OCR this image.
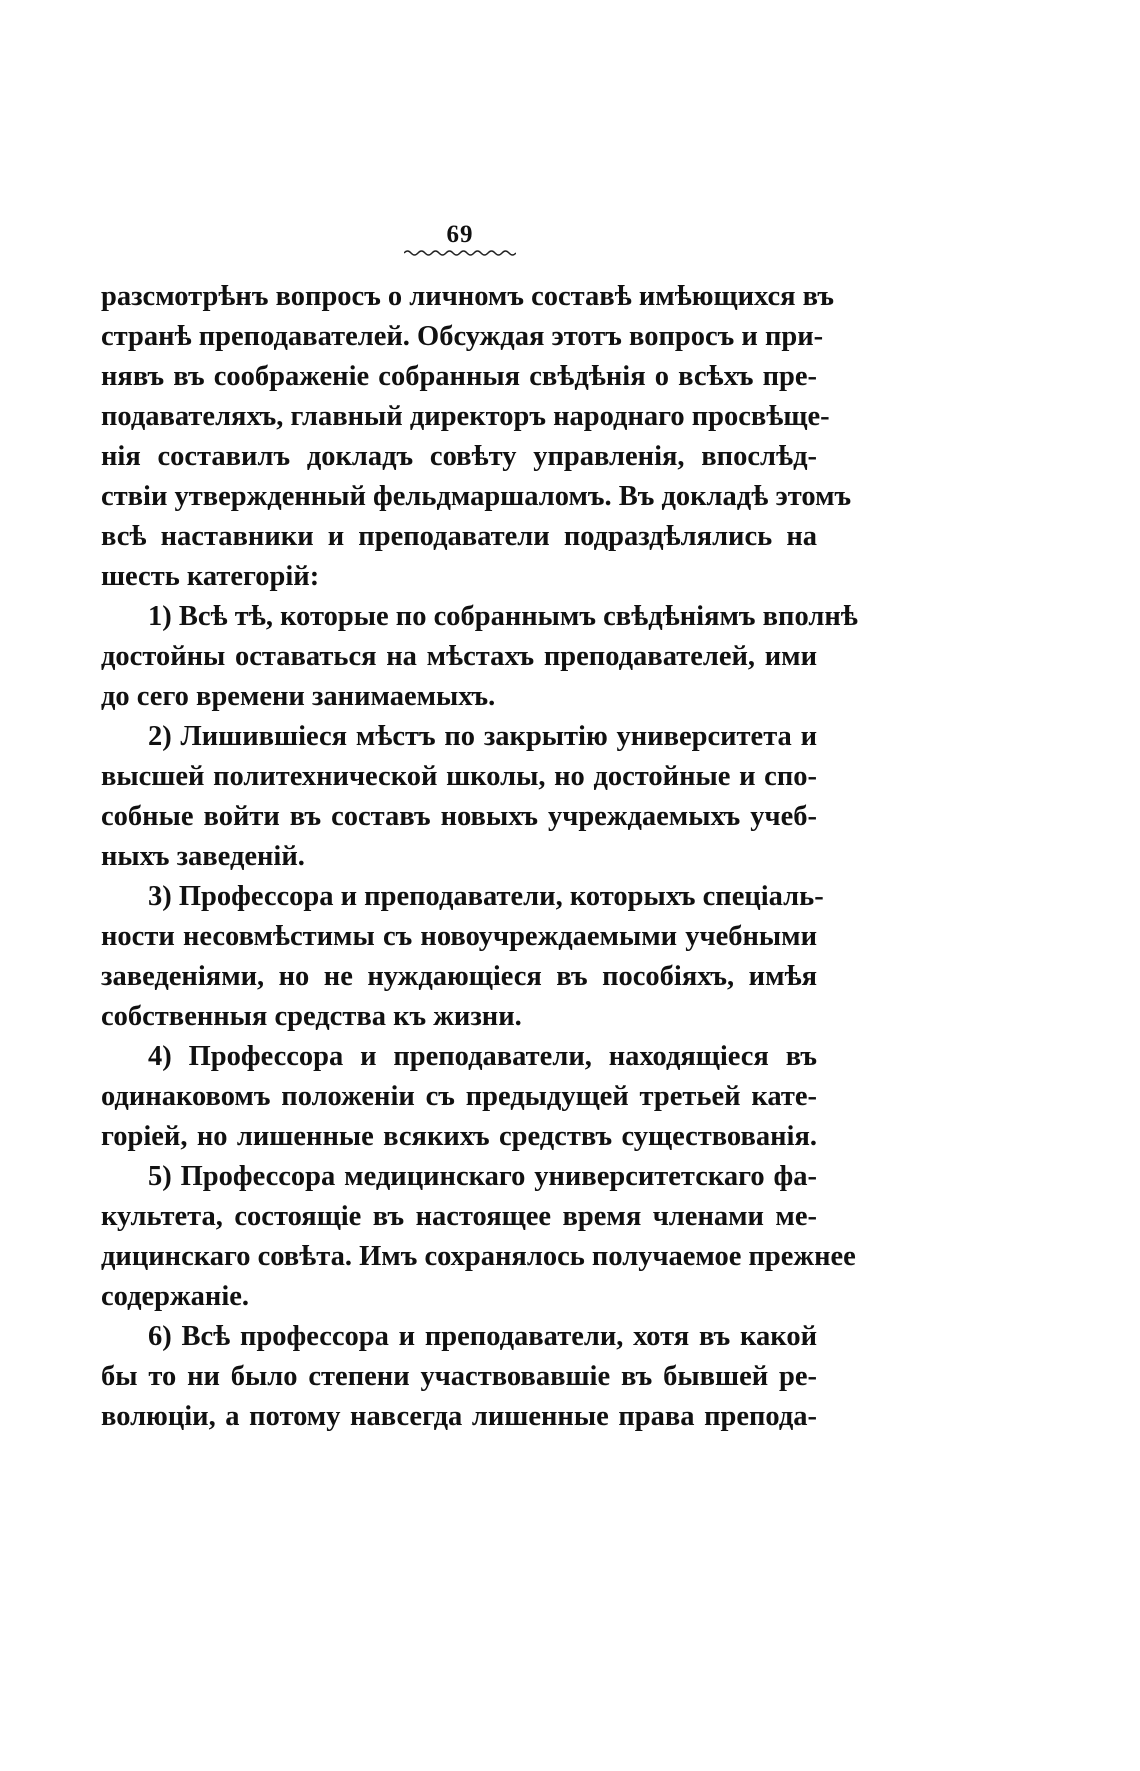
69
разсмотрѣнъ вопросъ о личномъ составѣ имѣющихся въ
странѣ преподавателей. Обсуждая этотъ вопросъ и при-
нявъ въ соображеніе собранныя свѣдѣнія о всѣхъ пре-
подавателяхъ, главный директоръ народнаго просвѣще-
нія составилъ докладъ совѣту управленія, впослѣд-
ствіи утвержденный фельдмаршаломъ. Въ докладѣ этомъ
всѣ наставники и преподаватели подраздѣлялись на
шесть категорій:
1) Всѣ тѣ, которые по собраннымъ свѣдѣніямъ вполнѣ
достойны оставаться на мѣстахъ преподавателей, ими
до сего времени занимаемыхъ.
2) Лишившіеся мѣстъ по закрытію университета и
высшей политехнической школы, но достойные и спо-
собные войти въ составъ новыхъ учреждаемыхъ учеб-
ныхъ заведеній.
3) Профессора и преподаватели, которыхъ спеціаль-
ности несовмѣстимы съ новоучреждаемыми учебными
заведеніями, но не нуждающіеся въ пособіяхъ, имѣя
собственныя средства къ жизни.
4) Профессора и преподаватели, находящіеся въ
одинаковомъ положеніи съ предыдущей третьей кате-
горіей, но лишенные всякихъ средствъ существованія.
5) Профессора медицинскаго университетскаго фа-
культета, состоящіе въ настоящее время членами ме-
дицинскаго совѣта. Имъ сохранялось получаемое прежнее
содержаніе.
6) Всѣ профессора и преподаватели, хотя въ какой
бы то ни было степени участвовавшіе въ бывшей ре-
волюціи, а потому навсегда лишенные права препода-
